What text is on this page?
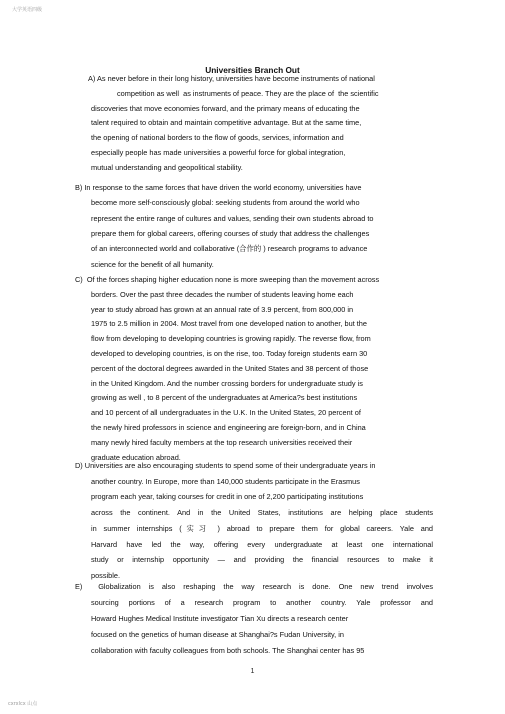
大学英语四级
Universities Branch Out
A) As never before in their long history, universities have become instruments of national
competition as well  as instruments of peace. They are the place of  the scientific
discoveries that move economies forward, and the primary means of educating the
talent required to obtain and maintain competitive advantage. But at the same time,
the opening of national borders to the flow of goods, services, information and
especially people has made universities a powerful force for global integration,
mutual understanding and geopolitical stability.
B) In response to the same forces that have driven the world economy, universities have
become more self-consciously global: seeking students from around the world who
represent the entire range of cultures and values, sending their own students abroad to
prepare them for global careers, offering courses of study that address the challenges
of an interconnected world and collaborative (合作的 ) research programs to advance
science for the benefit of all humanity.
C)  Of the forces shaping higher education none is more sweeping than the movement across
borders. Over the past three decades the number of students leaving home each
year to study abroad has grown at an annual rate of 3.9 percent, from 800,000 in
1975 to 2.5 million in 2004. Most travel from one developed nation to another, but the
flow from developing to developing countries is growing rapidly. The reverse flow, from
developed to developing countries, is on the rise, too. Today foreign students earn 30
percent of the doctoral degrees awarded in the United States and 38 percent of those
in the United Kingdom. And the number crossing borders for undergraduate study is
growing as well , to 8 percent of the undergraduates at America?s best institutions
and 10 percent of all undergraduates in the U.K. In the United States, 20 percent of
the newly hired professors in science and engineering are foreign-born, and in China
many newly hired faculty members at the top research universities received their
graduate education abroad.
D) Universities are also encouraging students to spend some of their undergraduate years in
another country. In Europe, more than 140,000 students participate in the Erasmus
program each year, taking courses for credit in one of 2,200 participating institutions
across the continent. And in the United States, institutions are helping place students
in summer internships (实习 ) abroad to prepare them for global careers. Yale and
Harvard have led the way, offering every undergraduate at least one international
study or internship opportunity — and providing the financial resources to make it
possible.
E)  Globalization is also reshaping the way research is done. One new trend involves
sourcing portions of a research program to another country. Yale professor and
Howard Hughes Medical Institute investigator Tian Xu directs a research center
focused on the genetics of human disease at Shanghai?s Fudan University, in
collaboration with faculty colleagues from both schools. The Shanghai center has 95
1
cxrxlcx 山点
